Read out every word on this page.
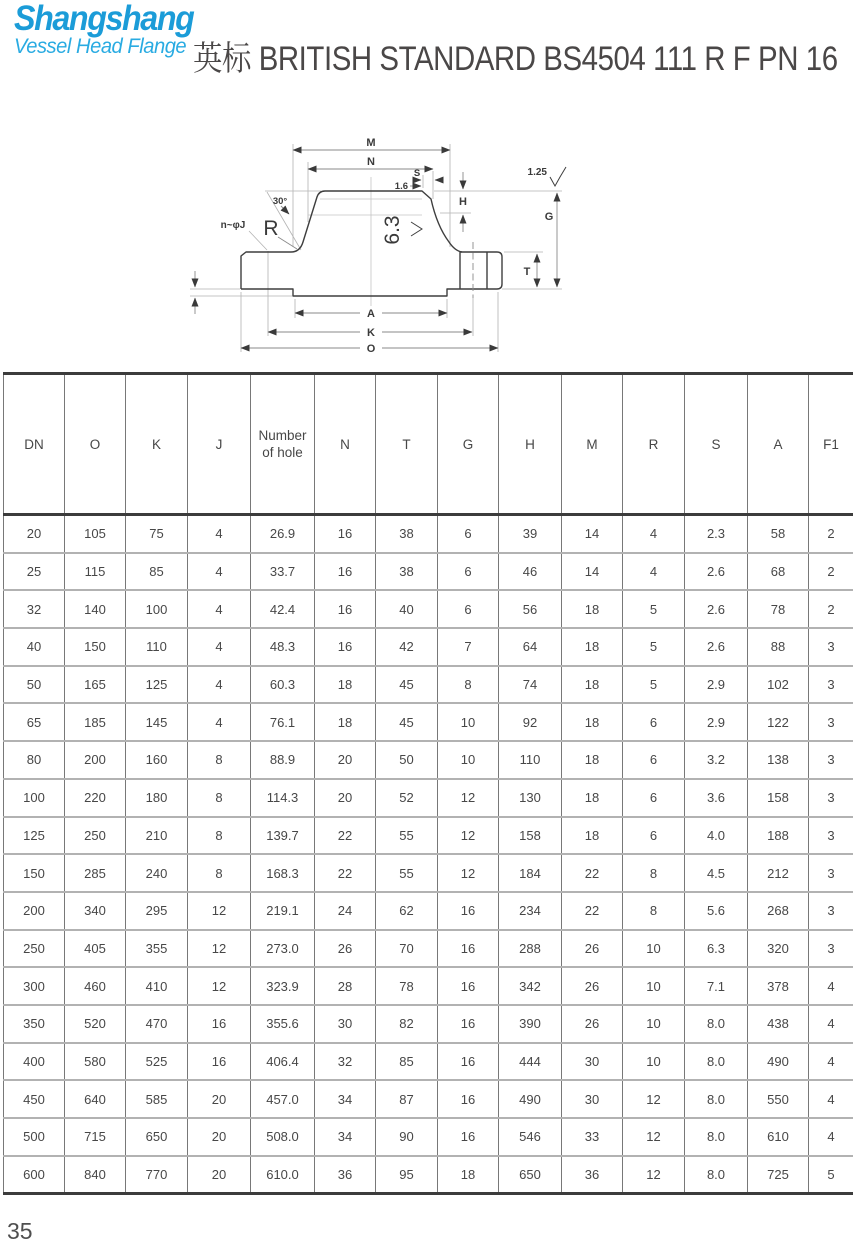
Shangshang
Vessel Head Flange 英标 BRITISH STANDARD BS4504 111 R F PN 16
M
N
S
1.6
30°
n~φJ R	6.3
H
G
1.25
T
A
K
O
DN	O	K	J	Number of hole	N	T	G	H	M	R	S	A	F1
20	105	75	4	26.9	16	38	6	39	14	4	2.3	58	2
25	115	85	4	33.7	16	38	6	46	14	4	2.6	68	2
32	140	100	4	42.4	16	40	6	56	18	5	2.6	78	2
40	150	110	4	48.3	16	42	7	64	18	5	2.6	88	3
50	165	125	4	60.3	18	45	8	74	18	5	2.9	102	3
65	185	145	4	76.1	18	45	10	92	18	6	2.9	122	3
80	200	160	8	88.9	20	50	10	110	18	6	3.2	138	3
100	220	180	8	114.3	20	52	12	130	18	6	3.6	158	3
125	250	210	8	139.7	22	55	12	158	18	6	4.0	188	3
150	285	240	8	168.3	22	55	12	184	22	8	4.5	212	3
200	340	295	12	219.1	24	62	16	234	22	8	5.6	268	3
250	405	355	12	273.0	26	70	16	288	26	10	6.3	320	3
300	460	410	12	323.9	28	78	16	342	26	10	7.1	378	4
350	520	470	16	355.6	30	82	16	390	26	10	8.0	438	4
400	580	525	16	406.4	32	85	16	444	30	10	8.0	490	4
450	640	585	20	457.0	34	87	16	490	30	12	8.0	550	4
500	715	650	20	508.0	34	90	16	546	33	12	8.0	610	4
600	840	770	20	610.0	36	95	18	650	36	12	8.0	725	5
35
